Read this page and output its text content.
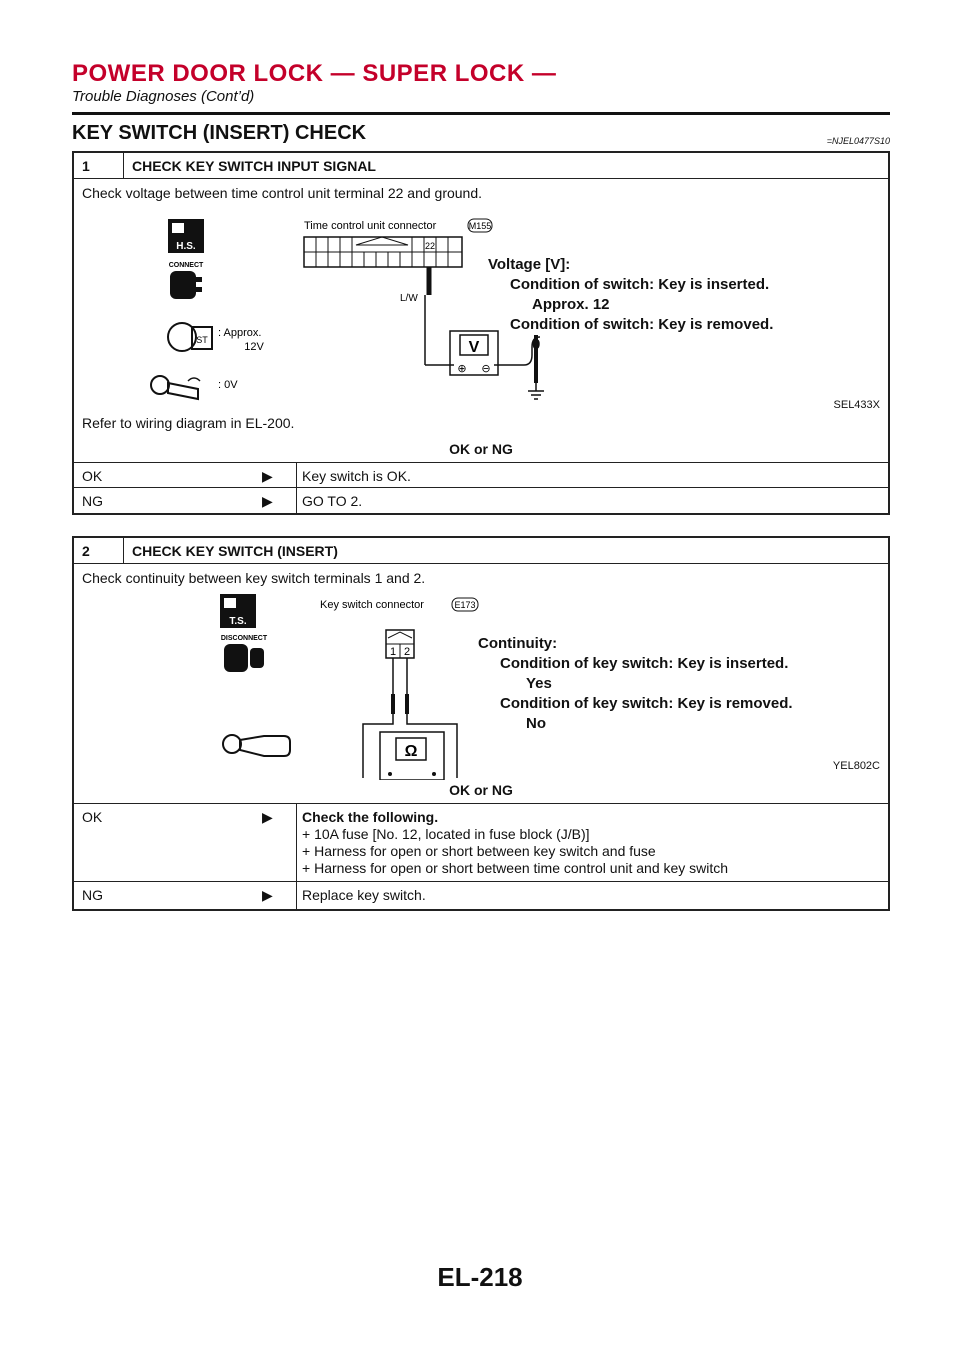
POWER DOOR LOCK — SUPER LOCK —
Trouble Diagnoses (Cont’d)
KEY SWITCH (INSERT) CHECK	=NJEL0477S10
1	CHECK KEY SWITCH INPUT SIGNAL
Check voltage between time control unit terminal 22 and ground.
H.S.
CONNECT
ST
: Approx.
12V
: 0V
Time control unit connector	M155
22
L/W
V
⊕ ⊖
Voltage [V]:
Condition of switch: Key is inserted.
Approx. 12
Condition of switch: Key is removed.
0
SEL433X
Refer to wiring diagram in EL-200.
OK or NG
OK	▶ Key switch is OK.
NG	▶ GO TO 2.
2	CHECK KEY SWITCH (INSERT)
Check continuity between key switch terminals 1 and 2.
T.S.
DISCONNECT
Key switch connector	E173
1 2
Ω
Continuity:
Condition of key switch: Key is inserted.
Yes
Condition of key switch: Key is removed.
No
YEL802C
OK or NG
OK	▶ Check the following.
+ 10A fuse [No. 12, located in fuse block (J/B)]
+ Harness for open or short between key switch and fuse
+ Harness for open or short between time control unit and key switch
NG	▶ Replace key switch.
EL-218
